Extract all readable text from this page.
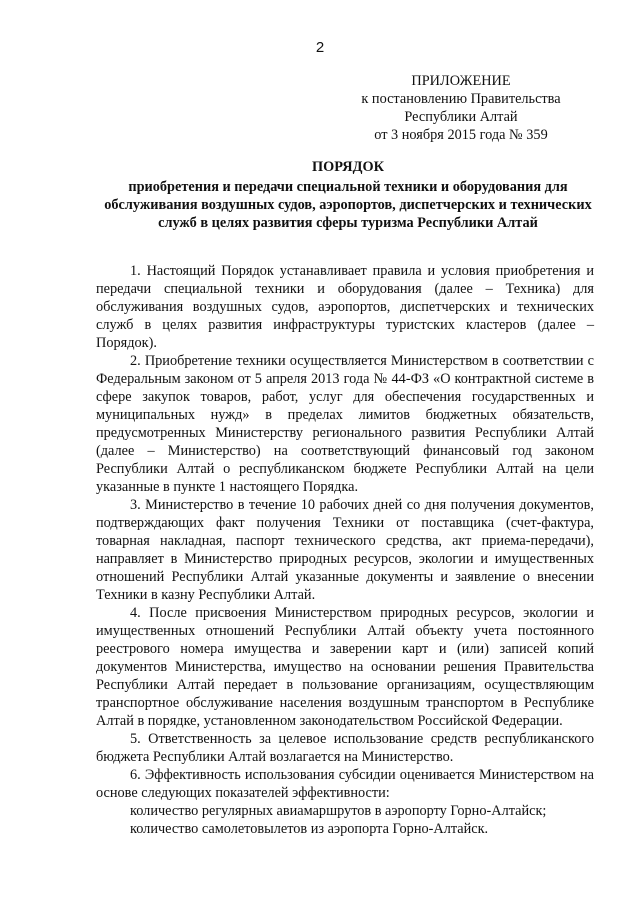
2
ПРИЛОЖЕНИЕ
к постановлению Правительства
Республики Алтай
от 3 ноября 2015 года № 359
ПОРЯДОК
приобретения и передачи специальной техники и оборудования для обслуживания воздушных судов, аэропортов, диспетчерских и технических служб в целях развития сферы туризма Республики Алтай

1. Настоящий Порядок устанавливает правила и условия приобретения и передачи специальной техники и оборудования (далее – Техника) для обслуживания воздушных судов, аэропортов, диспетчерских и технических служб в целях развития инфраструктуры туристских кластеров (далее – Порядок).

2. Приобретение техники осуществляется Министерством в соответствии с Федеральным законом от 5 апреля 2013 года № 44-ФЗ «О контрактной системе в сфере закупок товаров, работ, услуг для обеспечения государственных и муниципальных нужд» в пределах лимитов бюджетных обязательств, предусмотренных Министерству регионального развития Республики Алтай (далее – Министерство) на соответствующий финансовый год законом Республики Алтай о республиканском бюджете Республики Алтай на цели указанные в пункте 1 настоящего Порядка.

3. Министерство в течение 10 рабочих дней со дня получения документов, подтверждающих факт получения Техники от поставщика (счет-фактура, товарная накладная, паспорт технического средства, акт приема-передачи), направляет в Министерство природных ресурсов, экологии и имущественных отношений Республики Алтай указанные документы и заявление о внесении Техники в казну Республики Алтай.

4. После присвоения Министерством природных ресурсов, экологии и имущественных отношений Республики Алтай объекту учета постоянного реестрового номера имущества и заверении карт и (или) записей копий документов Министерства, имущество на основании решения Правительства Республики Алтай передает в пользование организациям, осуществляющим транспортное обслуживание населения воздушным транспортом в Республике Алтай в порядке, установленном законодательством Российской Федерации.

5. Ответственность за целевое использование средств республиканского бюджета Республики Алтай возлагается на Министерство.

6. Эффективность использования субсидии оценивается Министерством на основе следующих показателей эффективности:

количество регулярных авиамаршрутов в аэропорту Горно-Алтайск;

количество самолетовылетов из аэропорта Горно-Алтайск.
